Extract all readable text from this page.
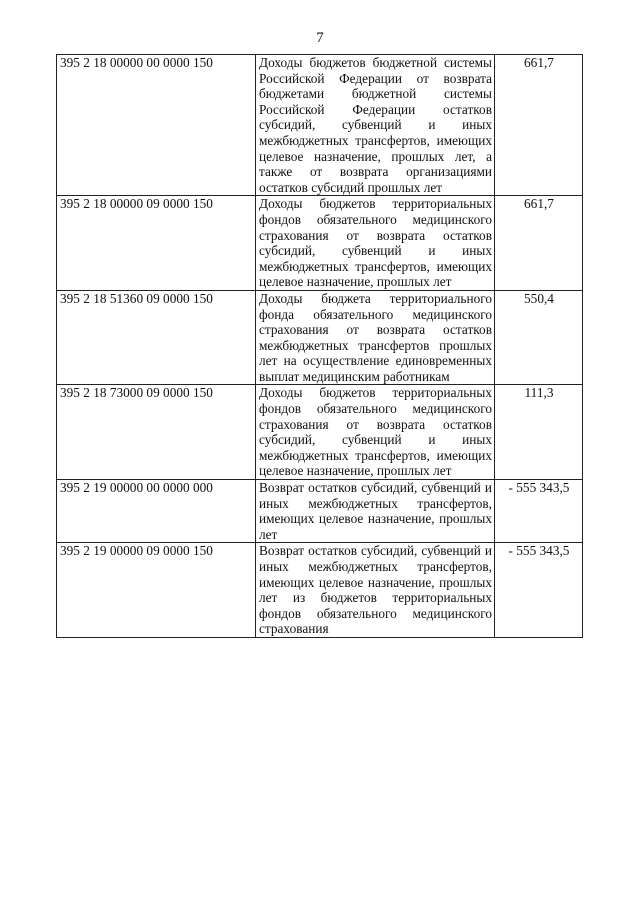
7
395 2 18 00000 00 0000 150	Доходы бюджетов бюджетной системы Российской Федерации от возврата бюджетами бюджетной системы Российской Федерации остатков субсидий, субвенций и иных межбюджетных трансфертов, имеющих целевое назначение, прошлых лет, а также от возврата организациями остатков субсидий прошлых лет	661,7
395 2 18 00000 09 0000 150	Доходы бюджетов территориальных фондов обязательного медицинского страхования от возврата остатков субсидий, субвенций и иных межбюджетных трансфертов, имеющих целевое назначение, прошлых лет	661,7
395 2 18 51360 09 0000 150	Доходы бюджета территориального фонда обязательного медицинского страхования от возврата остатков межбюджетных трансфертов прошлых лет на осуществление единовременных выплат медицинским работникам	550,4
395 2 18 73000 09 0000 150	Доходы бюджетов территориальных фондов обязательного медицинского страхования от возврата остатков субсидий, субвенций и иных межбюджетных трансфертов, имеющих целевое назначение, прошлых лет	111,3
395 2 19 00000 00 0000 000	Возврат остатков субсидий, субвенций и иных межбюджетных трансфертов, имеющих целевое назначение, прошлых лет	- 555 343,5
395 2 19 00000 09 0000 150	Возврат остатков субсидий, субвенций и иных межбюджетных трансфертов, имеющих целевое назначение, прошлых лет из бюджетов территориальных фондов обязательного медицинского страхования	- 555 343,5
